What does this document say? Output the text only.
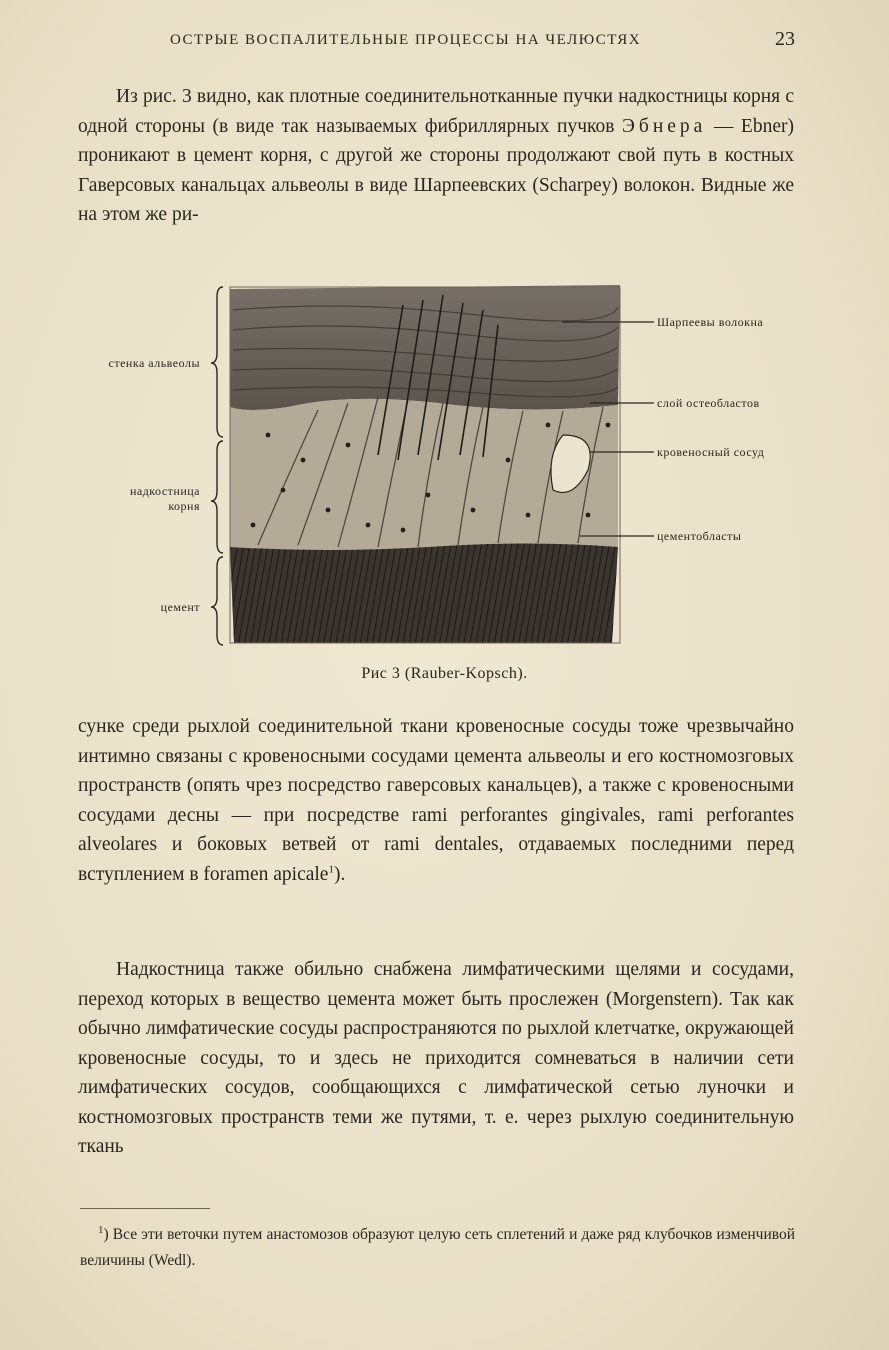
ОСТРЫЕ ВОСПАЛИТЕЛЬНЫЕ ПРОЦЕССЫ НА ЧЕЛЮСТЯХ	23

Из рис. 3 видно, как плотные соединительнотканные пучки надкостницы корня с одной стороны (в виде так называемых фибриллярных пучков Эбнера — Ebner) проникают в цемент корня, с другой же стороны продолжают свой путь в костных Гаверсовых канальцах альвеолы в виде Шарпеевских (Scharpey) волокон. Видные же на этом же ри-

стенка альвеолы
надкостница
корня
цемент
Шарпеевы волокна
слой остеобластов
кровеносный сосуд
цементобласты
Рис 3 (Rauber-Kopsch).

сунке среди рыхлой соединительной ткани кровеносные сосуды тоже чрезвычайно интимно связаны с кровеносными сосудами цемента альвеолы и его костномозговых пространств (опять чрез посредство гаверсовых канальцев), а также с кровеносными сосудами десны — при посредстве rami perforantes gingivales, rami perforantes alveolares и боковых ветвей от rami dentales, отдаваемых последними перед вступлением в foramen apicale$^1$).

Надкостница также обильно снабжена лимфатическими щелями и сосудами, переход которых в вещество цемента может быть прослежен (Morgenstern). Так как обычно лимфатические сосуды распространяются по рыхлой клетчатке, окружающей кровеносные сосуды, то и здесь не приходится сомневаться в наличии сети лимфатических сосудов, сообщающихся с лимфатической сетью луночки и костномозговых пространств теми же путями, т. е. через рыхлую соединительную ткань

$^1$) Все эти веточки путем анастомозов образуют целую сеть сплетений и даже ряд клубочков изменчивой величины (Wedl).
